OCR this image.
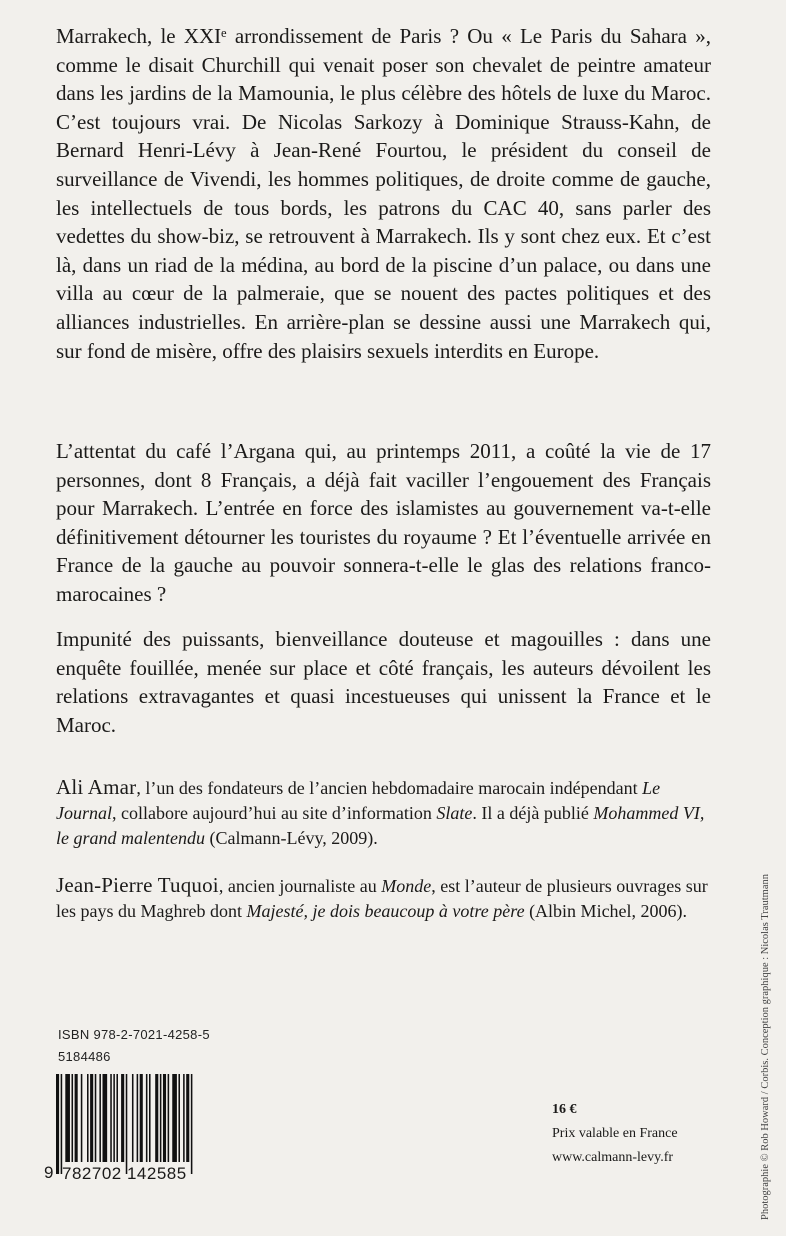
Marrakech, le XXIᵉ arrondissement de Paris ? Ou « Le Paris du Sahara », comme le disait Churchill qui venait poser son chevalet de peintre amateur dans les jardins de la Mamounia, le plus célèbre des hôtels de luxe du Maroc. C’est toujours vrai. De Nicolas Sarkozy à Dominique Strauss-Kahn, de Bernard Henri-Lévy à Jean-René Fourtou, le président du conseil de surveillance de Vivendi, les hommes politiques, de droite comme de gauche, les intellectuels de tous bords, les patrons du CAC 40, sans parler des vedettes du show-biz, se retrouvent à Marrakech. Ils y sont chez eux. Et c’est là, dans un riad de la médina, au bord de la piscine d’un palace, ou dans une villa au cœur de la palmeraie, que se nouent des pactes politiques et des alliances industrielles. En arrière-plan se dessine aussi une Marrakech qui, sur fond de misère, offre des plaisirs sexuels interdits en Europe.

L’attentat du café l’Argana qui, au printemps 2011, a coûté la vie de 17 personnes, dont 8 Français, a déjà fait vaciller l’engouement des Français pour Marrakech. L’entrée en force des islamistes au gouvernement va-t-elle définitivement détourner les touristes du royaume ? Et l’éventuelle arrivée en France de la gauche au pouvoir sonnera-t-elle le glas des relations franco-marocaines ?

Impunité des puissants, bienveillance douteuse et magouilles : dans une enquête fouillée, menée sur place et côté français, les auteurs dévoilent les relations extravagantes et quasi incestueuses qui unissent la France et le Maroc.

Ali Amar, l’un des fondateurs de l’ancien hebdomadaire marocain indépendant Le Journal, collabore aujourd’hui au site d’information Slate. Il a déjà publié Mohammed VI, le grand malentendu (Calmann-Lévy, 2009).

Jean-Pierre Tuquoi, ancien journaliste au Monde, est l’auteur de plusieurs ouvrages sur les pays du Maghreb dont Majesté, je dois beaucoup à votre père (Albin Michel, 2006).	Photographie © Rob Howard / Corbis. Conception graphique : Nicolas Trautmann
ISBN 978-2-7021-4258-5
5184486
9 782702 142585
16 €
Prix valable en France
www.calmann-levy.fr
